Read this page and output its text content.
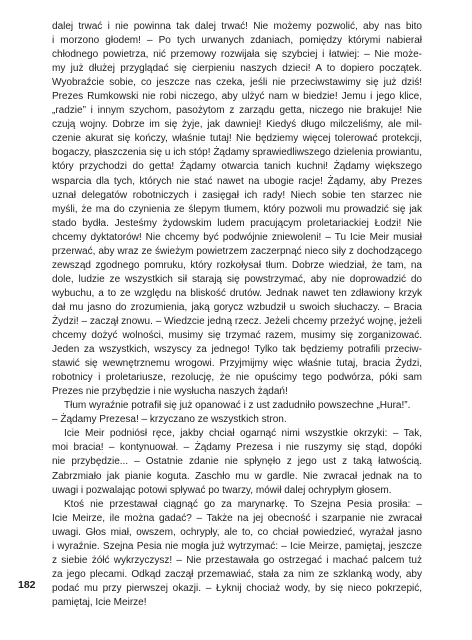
dalej trwać i nie powinna tak dalej trwać! Nie możemy pozwolić, aby nas bito
i morzono głodem! – Po tych urwanych zdaniach, pomiędzy którymi nabierał
chłodnego powietrza, nić przemowy rozwijała się szybciej i łatwiej: – Nie może-
my już dłużej przyglądać się cierpieniu naszych dzieci! A to dopiero początek.
Wyobraźcie sobie, co jeszcze nas czeka, jeśli nie przeciwstawimy się już dziś!
Prezes Rumkowski nie robi niczego, aby ulżyć nam w biedzie! Jemu i jego klice,
„radzie” i innym szychom, pasożytom z zarządu getta, niczego nie brakuje! Nie
czują wojny. Dobrze im się żyje, jak dawniej! Kiedyś długo milczeliśmy, ale mil-
czenie akurat się kończy, właśnie tutaj! Nie będziemy więcej tolerować protekcji,
bogaczy, płaszczenia się u ich stóp! Żądamy sprawiedliwszego dzielenia prowiantu,
który przychodzi do getta! Żądamy otwarcia tanich kuchni! Żądamy większego
wsparcia dla tych, których nie stać nawet na ubogie racje! Żądamy, aby Prezes
uznał delegatów robotniczych i zasięgał ich rady! Niech sobie ten starzec nie
myśli, że ma do czynienia ze ślepym tłumem, który pozwoli mu prowadzić się jak
stado bydła. Jesteśmy żydowskim ludem pracującym proletariackiej Łodzi! Nie
chcemy dyktatorów! Nie chcemy być podwójnie zniewoleni! – Tu Icie Meir musiał
przerwać, aby wraz ze świeżym powietrzem zaczerpnąć nieco siły z dochodzącego
zewsząd zgodnego pomruku, który rozkołysał tłum. Dobrze wiedział, że tam, na
dole, ludzie ze wszystkich sił starają się powstrzymać, aby nie doprowadzić do
wybuchu, a to ze względu na bliskość drutów. Jednak nawet ten zdławiony krzyk
dał mu jasno do zrozumienia, jaką gorycz wzbudził u swoich słuchaczy. – Bracia
Żydzi! – zaczął znowu. – Wiedzcie jedną rzecz. Jeżeli chcemy przeżyć wojnę, jeżeli
chcemy dożyć wolności, musimy się trzymać razem, musimy się zorganizować.
Jeden za wszystkich, wszyscy za jednego! Tylko tak będziemy potrafili przeciw-
stawić się wewnętrznemu wrogowi. Przyjmijmy więc właśnie tutaj, bracia Żydzi,
robotnicy i proletariusze, rezolucję, że nie opuścimy tego podwórza, póki sam
Prezes nie przybędzie i nie wysłucha naszych żądań!
Tłum wyraźnie potrafił się już opanować i z ust zadudniło powszechne „Hura!”.
– Żądamy Prezesa! – krzyczano ze wszystkich stron.
Icie Meir podniósł ręce, jakby chciał ogarnąć nimi wszystkie okrzyki: – Tak,
moi bracia! – kontynuował. – Żądamy Prezesa i nie ruszymy się stąd, dopóki
nie przybędzie... – Ostatnie zdanie nie spłynęło z jego ust z taką łatwością.
Zabrzmiało jak pianie koguta. Zaschło mu w gardle. Nie zwracał jednak na to
uwagi i pozwalając potowi spływać po twarzy, mówił dalej ochrypłym głosem.
Ktoś nie przestawał ciągnąć go za marynarkę. To Szejna Pesia prosiła: –
Icie Meirze, ile można gadać? – Także na jej obecność i szarpanie nie zwracał
uwagi. Głos miał, owszem, ochrypły, ale to, co chciał powiedzieć, wyrażał jasno
i wyraźnie. Szejna Pesia nie mogła już wytrzymać: – Icie Meirze, pamiętaj, jeszcze
z siebie żółć wykrzyczysz! – Nie przestawała go ostrzegać i machać palcem tuż
za jego plecami. Odkąd zaczął przemawiać, stała za nim ze szklanką wody, aby
podać mu przy pierwszej okazji. – Łyknij chociaż wody, by się nieco pokrzepić,
pamiętaj, Icie Meirze!
182
